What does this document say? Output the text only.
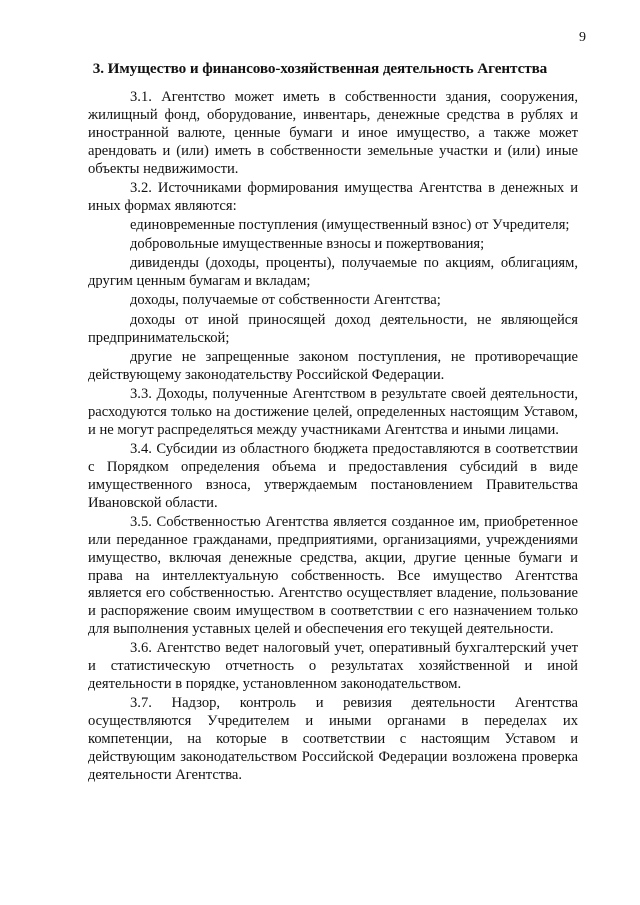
9
3. Имущество и финансово-хозяйственная деятельность Агентства

3.1. Агентство может иметь в собственности здания, сооружения, жилищный фонд, оборудование, инвентарь, денежные средства в рублях и иностранной валюте, ценные бумаги и иное имущество, а также может арендовать и (или) иметь в собственности земельные участки и (или) иные объекты недвижимости.

3.2. Источниками формирования имущества Агентства в денежных и иных формах являются:

единовременные поступления (имущественный взнос) от Учредителя;

добровольные имущественные взносы и пожертвования;

дивиденды (доходы, проценты), получаемые по акциям, облигациям, другим ценным бумагам и вкладам;

доходы, получаемые от собственности Агентства;

доходы от иной приносящей доход деятельности, не являющейся предпринимательской;

другие не запрещенные законом поступления, не противоречащие действующему законодательству Российской Федерации.

3.3. Доходы, полученные Агентством в результате своей деятельности, расходуются только на достижение целей, определенных настоящим Уставом, и не могут распределяться между участниками Агентства и иными лицами.

3.4. Субсидии из областного бюджета предоставляются в соответствии с Порядком определения объема и предоставления субсидий в виде имущественного взноса, утверждаемым постановлением Правительства Ивановской области.

3.5. Собственностью Агентства является созданное им, приобретенное или переданное гражданами, предприятиями, организациями, учреждениями имущество, включая денежные средства, акции, другие ценные бумаги и права на интеллектуальную собственность. Все имущество Агентства является его собственностью. Агентство осуществляет владение, пользование и распоряжение своим имуществом в соответствии с его назначением только для выполнения уставных целей и обеспечения его текущей деятельности.

3.6. Агентство ведет налоговый учет, оперативный бухгалтерский учет и статистическую отчетность о результатах хозяйственной и иной деятельности в порядке, установленном законодательством.

3.7. Надзор, контроль и ревизия деятельности Агентства осуществляются Учредителем и иными органами в переделах их компетенции, на которые в соответствии с настоящим Уставом и действующим законодательством Российской Федерации возложена проверка деятельности Агентства.
